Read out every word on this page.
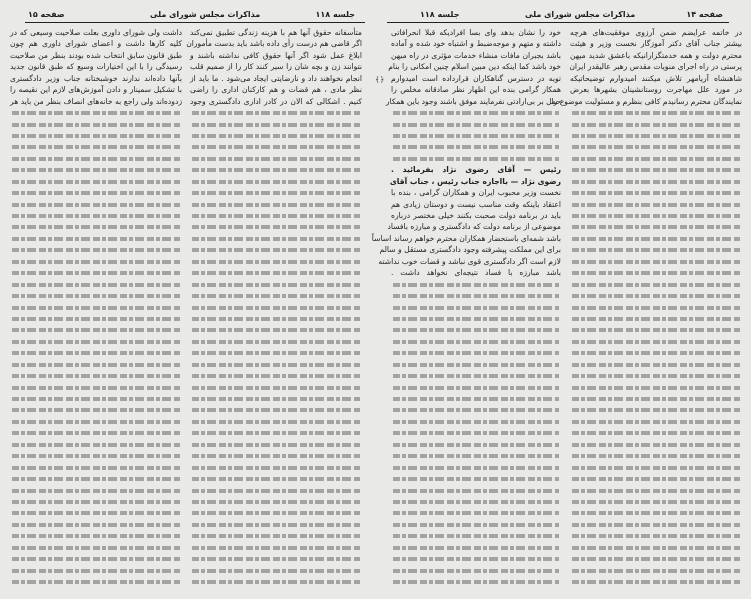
جلسه ۱۱۸
مذاکرات مجلس شورای ملی
صفحه ۱۵
متأسفانه حقوق آنها هم با هزینه زندگی تطبیق نمی‌کند
اگر قاضی هم درست رأی داده باشد باید بدست مأموران
ابلاغ عمل شود اگر آنها حقوق کافی نداشته باشند و
نتوانند زن و بچه شان را سیر کنند کار را از صمیم قلب
انجام نخواهند داد و نارضایتی ایجاد می‌شود . ما باید از
نظر مادی ، هم قضات و هم کارکنان اداری را راضی
کنیم . اشکالی که الان در کادر اداری دادگستری وجود
داشت ولی شورای داوری بعلت صلاحیت وسیعی که در
کلیه کارها داشت و اعضای شورای داوری هم چون
طبق قانون سابق انتخاب شده بودند بنظر من صلاحیت
رسیدگی را با این اختیارات وسیع که طبق قانون جدید
بآنها داده‌اند ندارند خوشبختانه جناب وزیر دادگستری
با تشکیل سمینار و دادن آموزش‌های لازم این نقیصه را
زدوده‌اند ولی راجع به خانه‌های انصاف بنظر من باید هر
جلسه ۱۱۸	مذاکرات مجلس شورای ملی	صفحه ۱۴
﴾﴿
در خاتمه عرایضم ضمن آرزوی موفقیت‌های هرچه
بیشتر جناب آقای دکتر آموزگار نخست وزیر و هیئت
محترم دولت و همه خدمتگزارانیکه باعشق شدید میهن
پرستی در راه اجرای منویات مقدس رهبر عالیقدر ایران
شاهنشاه آریامهر تلاش میکنند امیدوارم توضیحاتیکه
در مورد علل مهاجرت روستانشینان بشهرها بعرض
نمایندگان محترم رسانیدم کافی بنظرم و مسئولیت موضوع را
خود را نشان بدهد وای بسا افرادیکه قبلا انحرافاتی
داشته و متهم و موجه‌ضبط و اشتباه خود شده و آماده
باشد بجبران مافات منشاء خدمات مؤثری در راه میهن
خود باشد کما اینکه دین مبین اسلام چنین امکانی را بنام
توبه در دسترس گناهکاران قرارداده است امیدوارم
همکار گرامی بنده این اظهار نظر صادقانه مخلص را
حمل بر بی‌ارادتی نفرمایند موفق باشند وجود باین همکار
رئیس — آقای رضوی نژاد بفرمائید .
رضوی نژاد — بااجازه جناب رئیس ، جناب آقای
نخست وزیر محبوب ایران و همکاران گرامی ، بنده با
اعتقاد باینکه وقت مناسب نیست و دوستان زیادی هم
باید در برنامه دولت صحبت بکنند خیلی مختصر درباره
موضوعی از برنامه دولت که دادگستری و مبارزه بافساد
باشد شمه‌ای باستحضار همکاران محترم خواهم رساند اساساً
برای این مملکت پیشرفته وجود دادگستری مستقل و سالم
لازم است اگر دادگستری قوی نباشد و قضات خوب نداشته
باشد مبارزه با فساد نتیجه‌ای نخواهد داشت .
